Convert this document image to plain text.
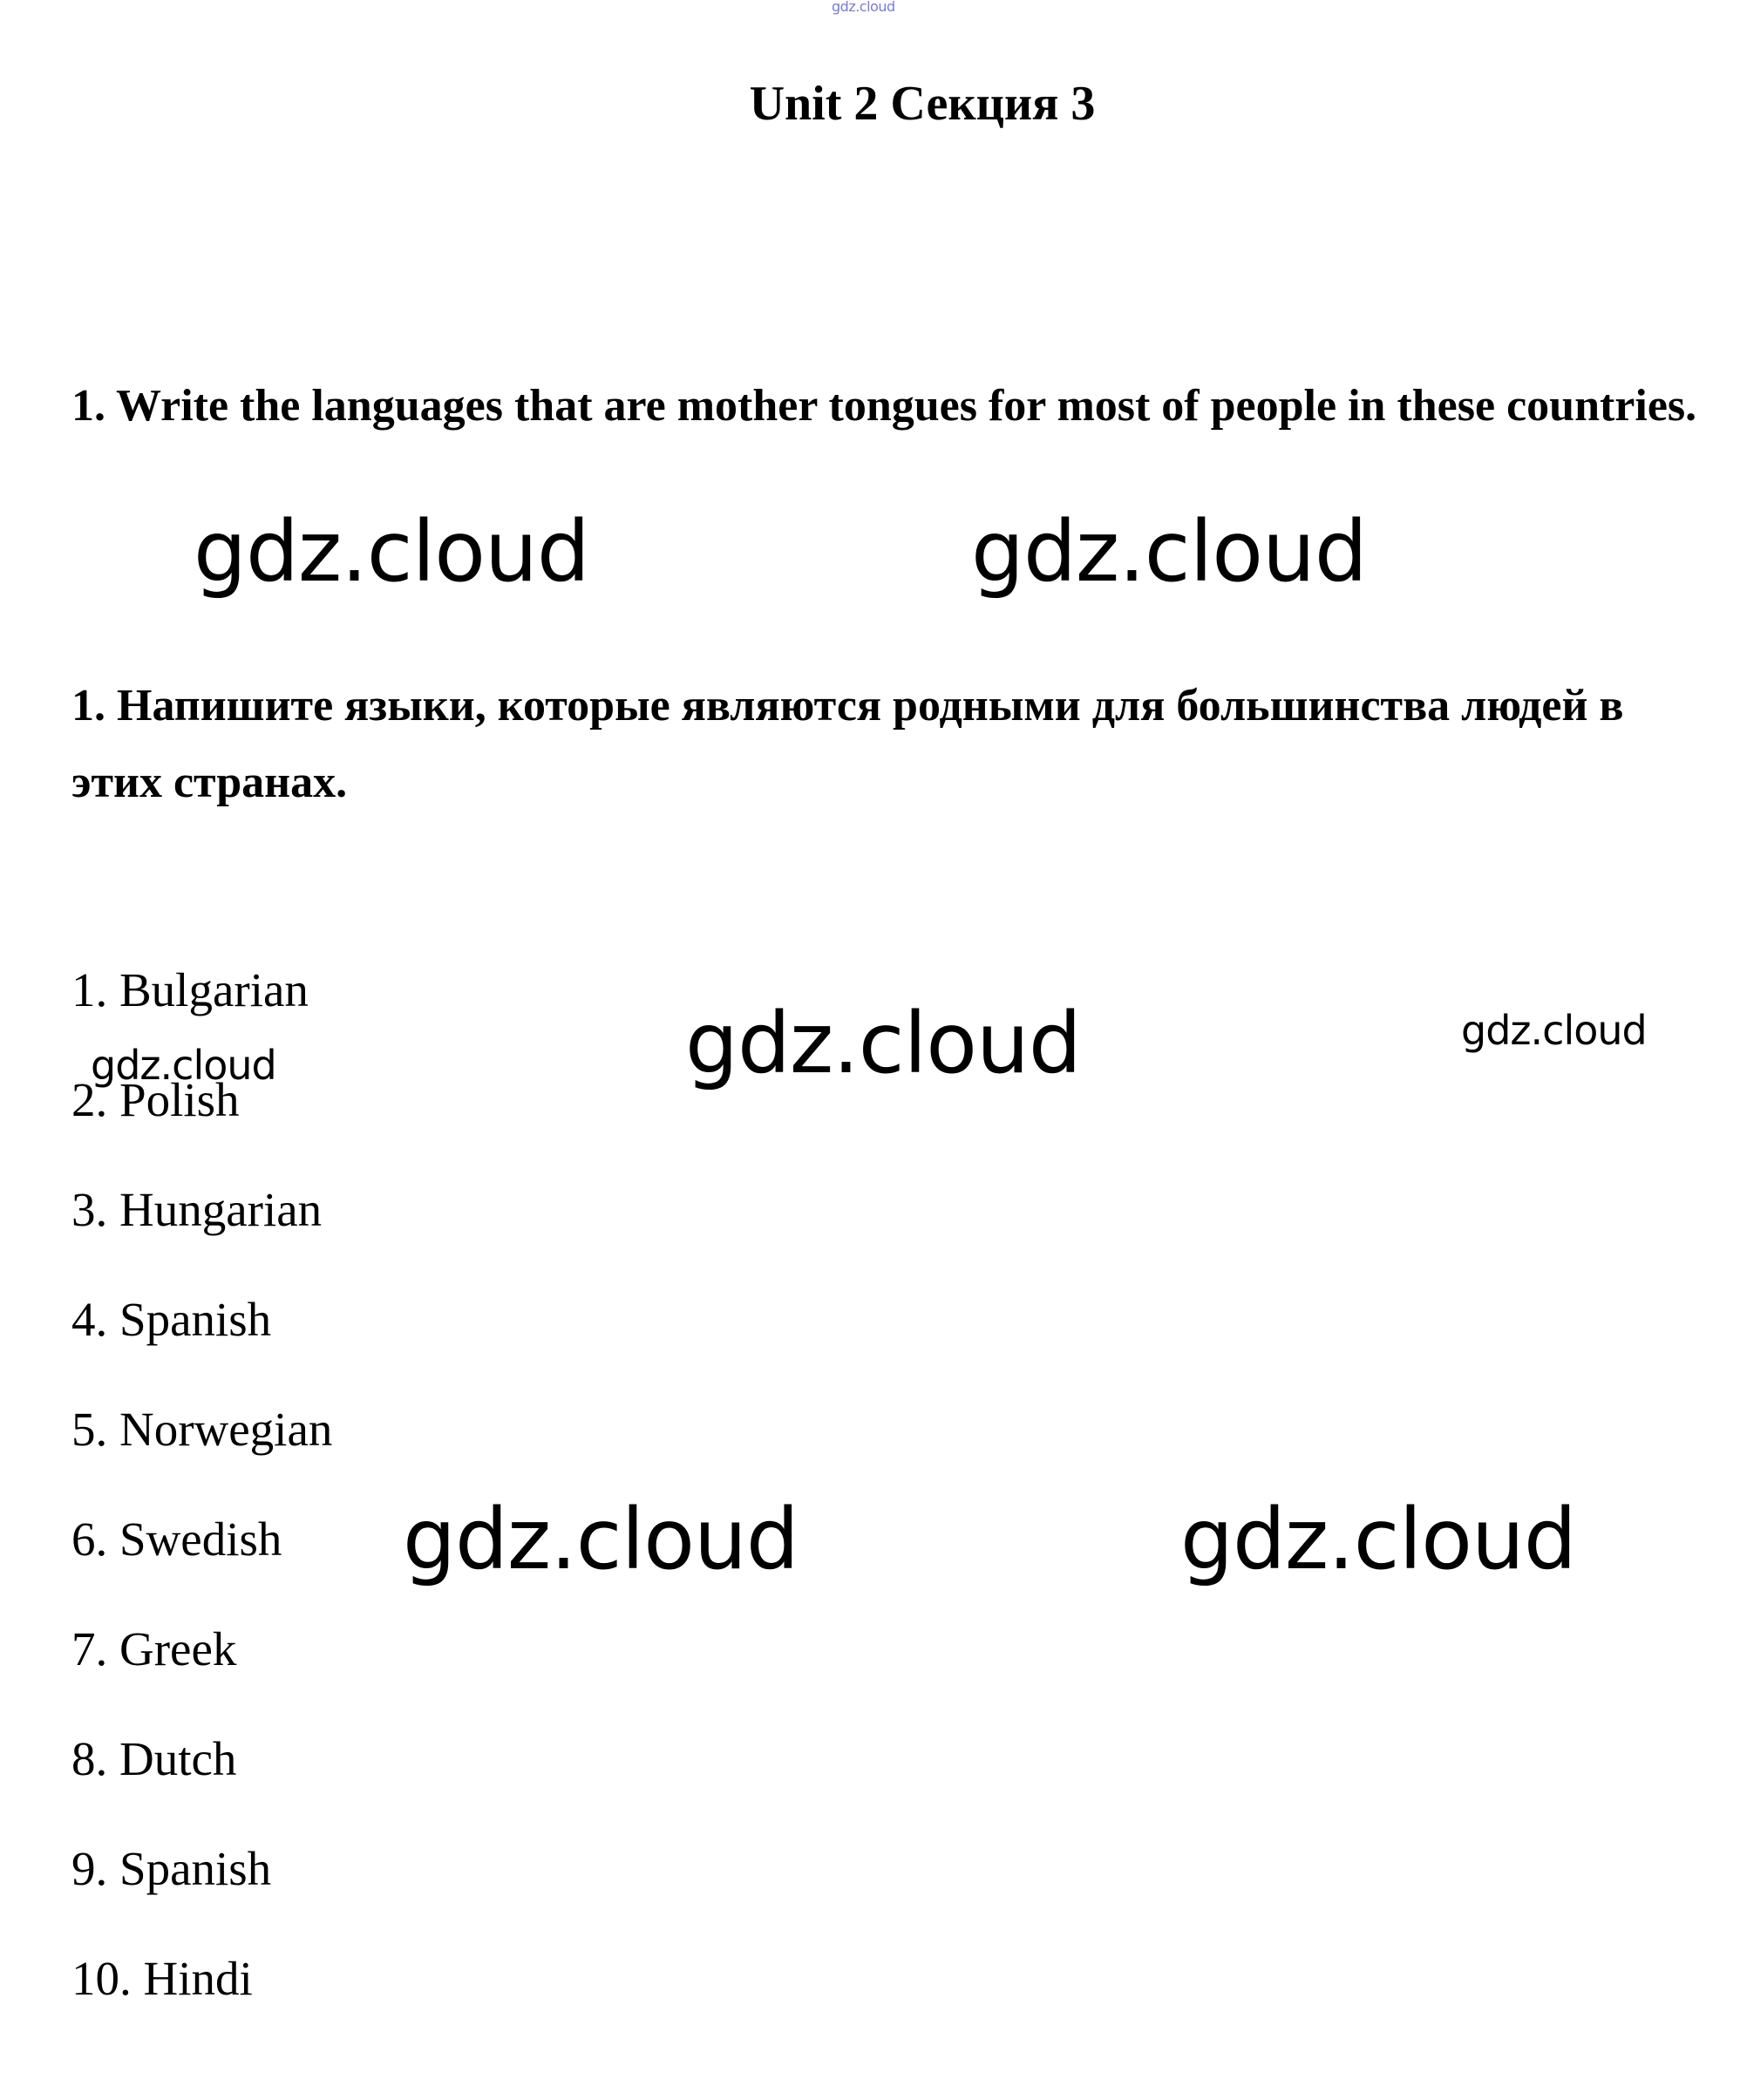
gdz.cloud
Unit 2 Секция 3

1. Write the languages that are mother tongues for most of people in these countries.

1. Напишите языки, которые являются родными для большинства людей в этих странах.

1. Bulgarian
2. Polish
3. Hungarian
4. Spanish
5. Norwegian
6. Swedish
7. Greek
8. Dutch
9. Spanish
10. Hindi
gdz.cloud	gdz.cloud
gdz.cloud	gdz.cloud
gdz.cloud
gdz.cloud	gdz.cloud
